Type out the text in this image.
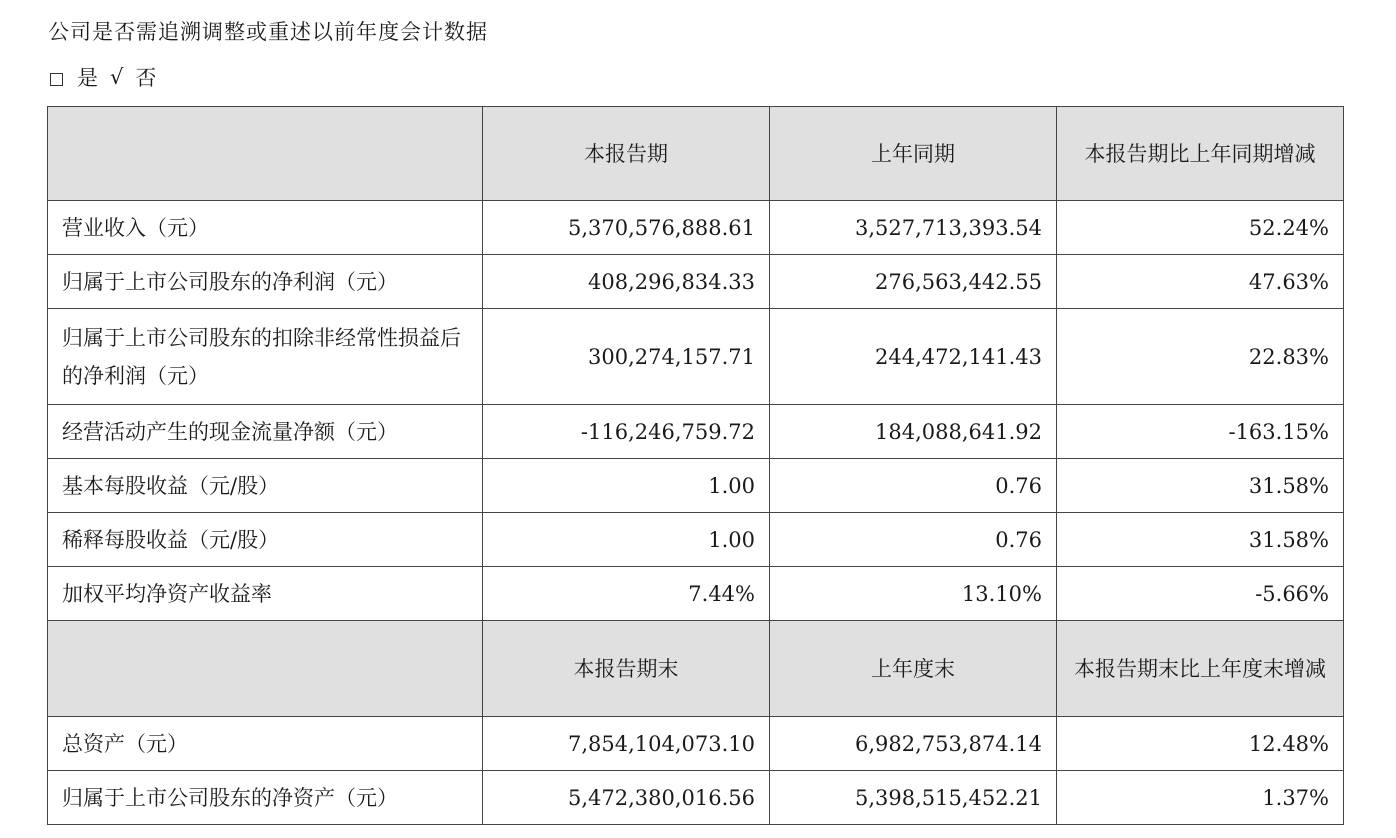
公司是否需追溯调整或重述以前年度会计数据
是 √ 否
	本报告期	上年同期	本报告期比上年同期增减
营业收入（元）	5,370,576,888.61	3,527,713,393.54	52.24%
归属于上市公司股东的净利润（元）	408,296,834.33	276,563,442.55	47.63%
归属于上市公司股东的扣除非经常性损益后的净利润（元）	300,274,157.71	244,472,141.43	22.83%
经营活动产生的现金流量净额（元）	-116,246,759.72	184,088,641.92	-163.15%
基本每股收益（元/股）	1.00	0.76	31.58%
稀释每股收益（元/股）	1.00	0.76	31.58%
加权平均净资产收益率	7.44%	13.10%	-5.66%
	本报告期末	上年度末	本报告期末比上年度末增减
总资产（元）	7,854,104,073.10	6,982,753,874.14	12.48%
归属于上市公司股东的净资产（元）	5,472,380,016.56	5,398,515,452.21	1.37%
